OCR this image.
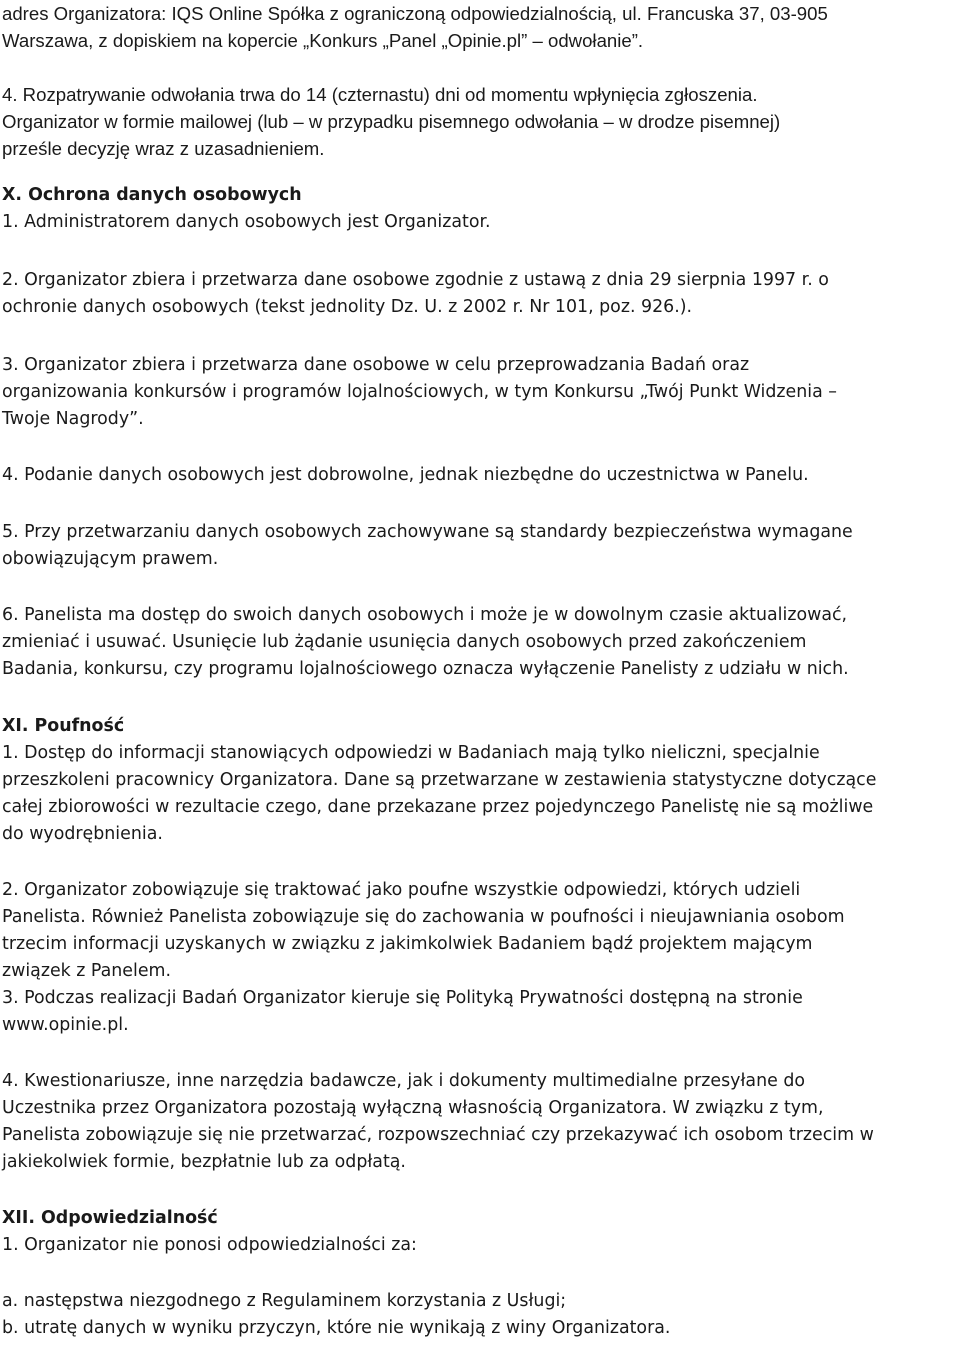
adres Organizatora: IQS Online Spółka z ograniczoną odpowiedzialnością, ul. Francuska 37, 03-905

Warszawa, z dopiskiem na kopercie „Konkurs „Panel „Opinie.pl” – odwołanie”.

4. Rozpatrywanie odwołania trwa do 14 (czternastu) dni od momentu wpłynięcia zgłoszenia.

Organizator w formie mailowej (lub – w przypadku pisemnego odwołania – w drodze pisemnej)

prześle decyzję wraz z uzasadnieniem.

X. Ochrona danych osobowych

1. Administratorem danych osobowych jest Organizator.

2. Organizator zbiera i przetwarza dane osobowe zgodnie z ustawą z dnia 29 sierpnia 1997 r. o

ochronie danych osobowych (tekst jednolity Dz. U. z 2002 r. Nr 101, poz. 926.).

3. Organizator zbiera i przetwarza dane osobowe w celu przeprowadzania Badań oraz

organizowania konkursów i programów lojalnościowych, w tym Konkursu „Twój Punkt Widzenia –

Twoje Nagrody”.

4. Podanie danych osobowych jest dobrowolne, jednak niezbędne do uczestnictwa w Panelu.

5. Przy przetwarzaniu danych osobowych zachowywane są standardy bezpieczeństwa wymagane

obowiązującym prawem.

6. Panelista ma dostęp do swoich danych osobowych i może je w dowolnym czasie aktualizować,

zmieniać i usuwać. Usunięcie lub żądanie usunięcia danych osobowych przed zakończeniem

Badania, konkursu, czy programu lojalnościowego oznacza wyłączenie Panelisty z udziału w nich.

XI. Poufność

1. Dostęp do informacji stanowiących odpowiedzi w Badaniach mają tylko nieliczni, specjalnie

przeszkoleni pracownicy Organizatora. Dane są przetwarzane w zestawienia statystyczne dotyczące

całej zbiorowości w rezultacie czego, dane przekazane przez pojedynczego Panelistę nie są możliwe

do wyodrębnienia.

2. Organizator zobowiązuje się traktować jako poufne wszystkie odpowiedzi, których udzieli

Panelista. Również Panelista zobowiązuje się do zachowania w poufności i nieujawniania osobom

trzecim informacji uzyskanych w związku z jakimkolwiek Badaniem bądź projektem mającym

związek z Panelem.

3. Podczas realizacji Badań Organizator kieruje się Polityką Prywatności dostępną na stronie

www.opinie.pl.

4. Kwestionariusze, inne narzędzia badawcze, jak i dokumenty multimedialne przesyłane do

Uczestnika przez Organizatora pozostają wyłączną własnością Organizatora. W związku z tym,

Panelista zobowiązuje się nie przetwarzać, rozpowszechniać czy przekazywać ich osobom trzecim w

jakiekolwiek formie, bezpłatnie lub za odpłatą.

XII. Odpowiedzialność

1. Organizator nie ponosi odpowiedzialności za:

a. następstwa niezgodnego z Regulaminem korzystania z Usługi;

b. utratę danych w wyniku przyczyn, które nie wynikają z winy Organizatora.
